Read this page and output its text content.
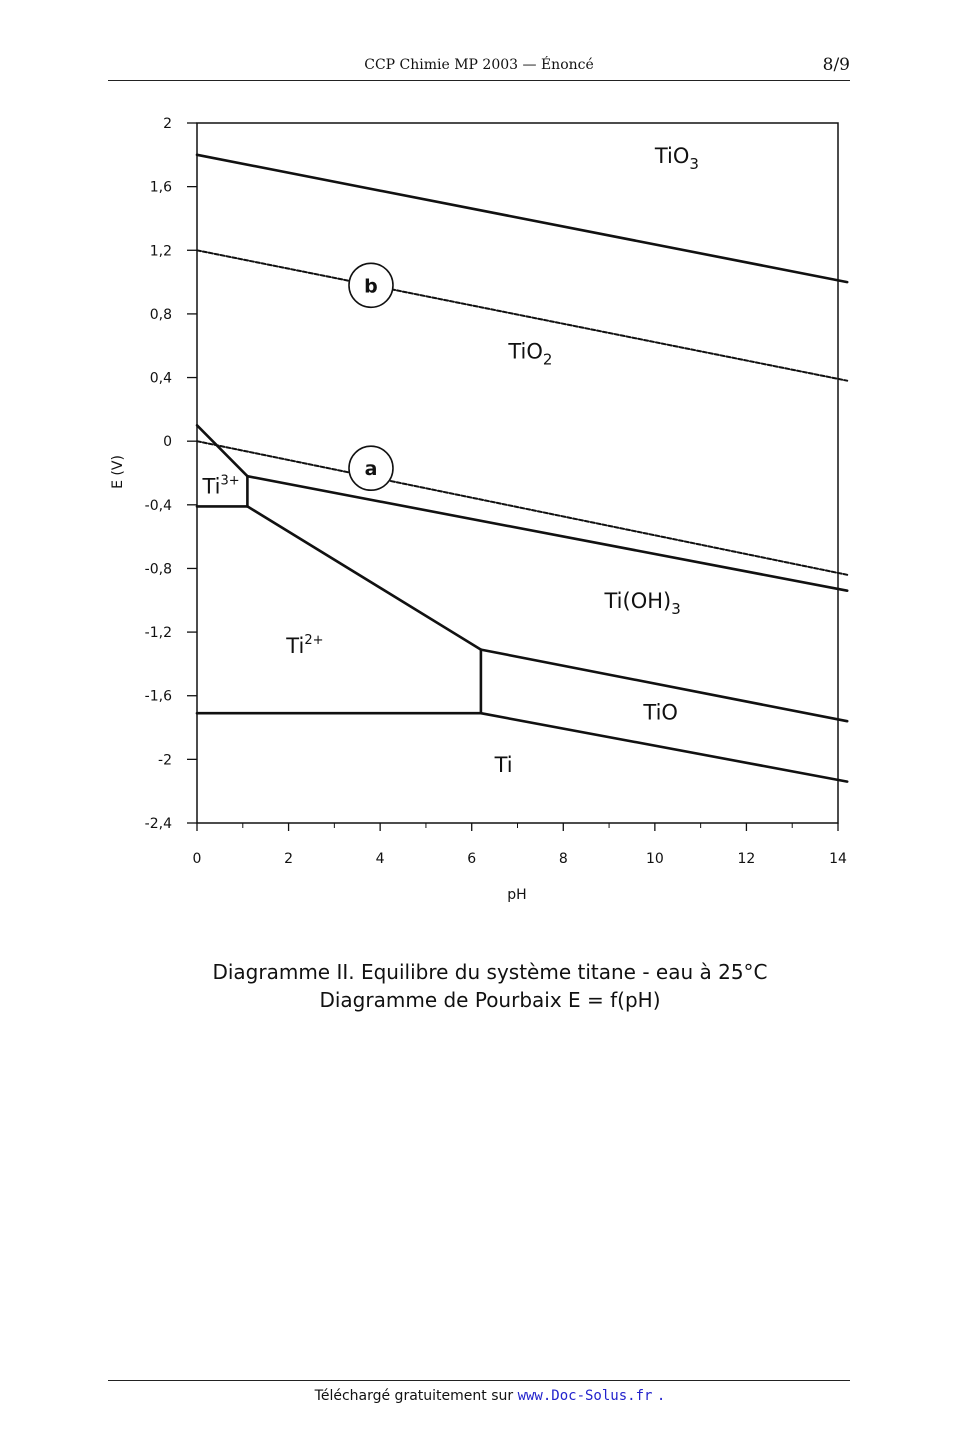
CCP Chimie MP 2003 — Énoncé	8/9
0	2	4	6	8	10	12	14
2
1,6
1,2
0,8
0,4
0
-0,4
-0,8
-1,2
-1,6
-2
-2,4
TiO$_3$
TiO$_2$
$Ti^{3+}$
$Ti(OH)_3$
$Ti^{2+}$
TiO
Ti
b
a
pH
E (V)
Diagramme II. Equilibre du système titane - eau à 25°C
Diagramme de Pourbaix E = f(pH)
Téléchargé gratuitement sur www.Doc-Solus.fr .
